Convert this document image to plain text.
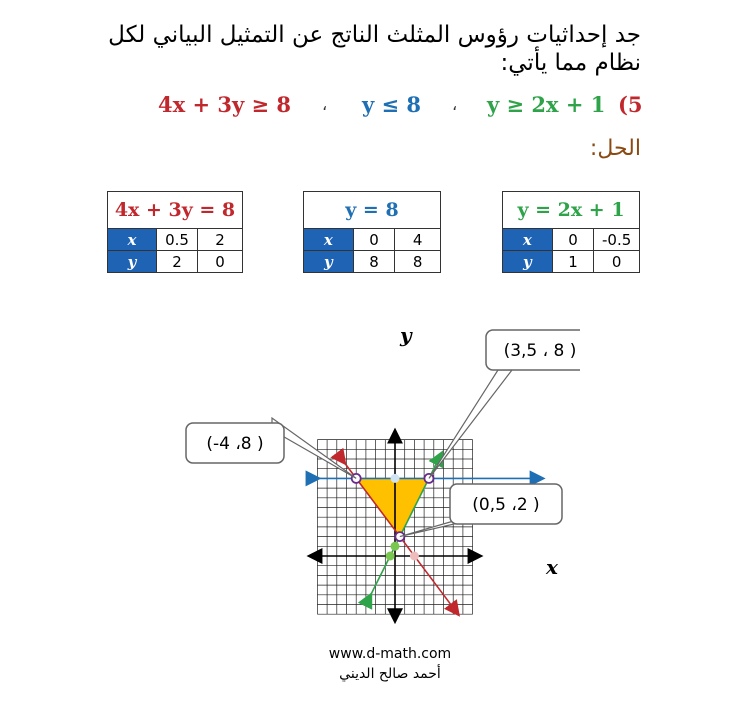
جد إحداثيات رؤوس المثلث الناتج عن التمثيل البياني لكل
نظام مما يأتي:
4x + 3y ≥ 8 ، y ≤ 8 ، y ≥ 2x + 1 (5
الحل:
4x + 3y = 8		
x	0.5	2
y	2	0
y = 8		
x	0	4
y	8	8
y = 2x + 1		
x	0	-0.5
y	1	0
(-4 ،8 )
(3,5 ، 8 )
(0,5 ،2 )
x
y
www.d-math.com
أحمد صالح الديني
